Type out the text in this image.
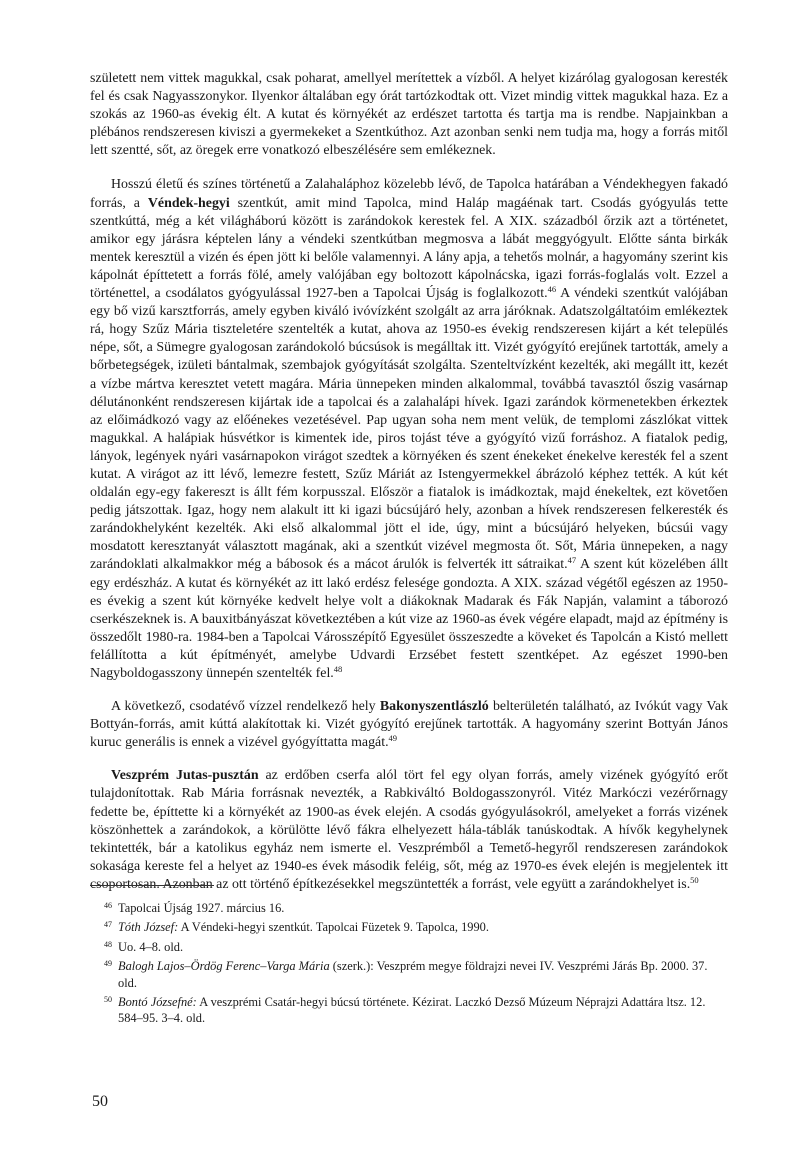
született nem vittek magukkal, csak poharat, amellyel merítettek a vízből. A helyet kizárólag gyalogosan keresték fel és csak Nagyasszonykor. Ilyenkor általában egy órát tartózkodtak ott. Vizet mindig vittek magukkal haza. Ez a szokás az 1960-as évekig élt. A kutat és környékét az erdészet tartotta és tartja ma is rendbe. Napjainkban a plébános rendszeresen kiviszi a gyermekeket a Szentkúthoz. Azt azonban senki nem tudja ma, hogy a forrás mitől lett szentté, sőt, az öregek erre vonatkozó elbeszélésére sem emlékeznek.

Hosszú életű és színes történetű a Zalahaláphoz közelebb lévő, de Tapolca határában a Véndekhegyen fakadó forrás, a Véndek-hegyi szentkút, amit mind Tapolca, mind Haláp magáénak tart. Csodás gyógyulás tette szentkúttá, még a két világháború között is zarándokok kerestek fel. A XIX. századból őrzik azt a történetet, amikor egy járásra képtelen lány a véndeki szentkútban megmosva a lábát meggyógyult. Előtte sánta birkák mentek keresztül a vizén és épen jött ki belőle valamennyi. A lány apja, a tehetős molnár, a hagyomány szerint kis kápolnát építtetett a forrás fölé, amely valójában egy boltozott kápolnácska, igazi forrás-foglalás volt. Ezzel a történettel, a csodálatos gyógyulással 1927-ben a Tapolcai Újság is foglalkozott.$^{46}$ A véndeki szentkút valójában egy bő vizű karsztforrás, amely egyben kiváló ivóvízként szolgált az arra járóknak. Adatszolgáltatóim emlékeztek rá, hogy Szűz Mária tiszteletére szentelték a kutat, ahova az 1950-es évekig rendszeresen kijárt a két település népe, sőt, a Sümegre gyalogosan zarándokoló búcsúsok is megálltak itt. Vizét gyógyító erejűnek tartották, amely a bőrbetegségek, izületi bántalmak, szembajok gyógyítását szolgálta. Szenteltvízként kezelték, aki megállt itt, kezét a vízbe mártva keresztet vetett magára. Mária ünnepeken minden alkalommal, továbbá tavasztól őszig vasárnap délutánonként rendszeresen kijártak ide a tapolcai és a zalahalápi hívek. Igazi zarándok körmenetekben érkeztek az előimádkozó vagy az előénekes vezetésével. Pap ugyan soha nem ment velük, de templomi zászlókat vittek magukkal. A halápiak húsvétkor is kimentek ide, piros tojást téve a gyógyító vizű forráshoz. A fiatalok pedig, lányok, legények nyári vasárnapokon virágot szedtek a környéken és szent énekeket énekelve keresték fel a szent kutat. A virágot az itt lévő, lemezre festett, Szűz Máriát az Istengyermekkel ábrázoló képhez tették. A kút két oldalán egy-egy fakereszt is állt fém korpusszal. Először a fiatalok is imádkoztak, majd énekeltek, ezt követően pedig játszottak. Igaz, hogy nem alakult itt ki igazi búcsújáró hely, azonban a hívek rendszeresen felkeresték és zarándokhelyként kezelték. Aki első alkalommal jött el ide, úgy, mint a búcsújáró helyeken, búcsúi vagy mosdatott keresztanyát választott magának, aki a szentkút vizével megmosta őt. Sőt, Mária ünnepeken, a nagy zarándoklati alkalmakkor még a bábosok és a mácot árulók is felverték itt sátraikat.$^{47}$ A szent kút közelében állt egy erdészház. A kutat és környékét az itt lakó erdész felesége gondozta. A XIX. század végétől egészen az 1950-es évekig a szent kút környéke kedvelt helye volt a diákoknak Madarak és Fák Napján, valamint a táborozó cserkészeknek is. A bauxitbányászat következtében a kút vize az 1960-as évek végére elapadt, majd az építmény is összedőlt 1980-ra. 1984-ben a Tapolcai Városszépítő Egyesület összeszedte a köveket és Tapolcán a Kistó mellett felállította a kút építményét, amelybe Udvardi Erzsébet festett szentképet. Az egészet 1990-ben Nagyboldogasszony ünnepén szentelték fel.$^{48}$

A következő, csodatévő vízzel rendelkező hely Bakonyszentlászló belterületén található, az Ivókút vagy Vak Bottyán-forrás, amit kúttá alakítottak ki. Vizét gyógyító erejűnek tartották. A hagyomány szerint Bottyán János kuruc generális is ennek a vizével gyógyíttatta magát.$^{49}$

Veszprém Jutas-pusztán az erdőben cserfa alól tört fel egy olyan forrás, amely vizének gyógyító erőt tulajdonítottak. Rab Mária forrásnak nevezték, a Rabkiváltó Boldogasszonyról. Vitéz Markóczi vezérőrnagy fedette be, építtette ki a környékét az 1900-as évek elején. A csodás gyógyulásokról, amelyeket a forrás vizének köszönhettek a zarándokok, a körülötte lévő fákra elhelyezett hála-táblák tanúskodtak. A hívők kegyhelynek tekintették, bár a katolikus egyház nem ismerte el. Veszprémből a Temető-hegyről rendszeresen zarándokok sokasága kereste fel a helyet az 1940-es évek második feléig, sőt, még az 1970-es évek elején is megjelentek itt csoportosan. Azonban az ott történő építkezésekkel megszüntették a forrást, vele együtt a zarándokhelyet is.$^{50}$

$^{46}$ Tapolcai Újság 1927. március 16.
$^{47}$ Tóth József: A Véndeki-hegyi szentkút. Tapolcai Füzetek 9. Tapolca, 1990.
$^{48}$ Uo. 4–8. old.
$^{49}$ Balogh Lajos–Ördög Ferenc–Varga Mária (szerk.): Veszprém megye földrajzi nevei IV. Veszprémi Járás Bp. 2000. 37. old.
$^{50}$ Bontó Józsefné: A veszprémi Csatár-hegyi búcsú története. Kézirat. Laczkó Dezső Múzeum Néprajzi Adattára ltsz. 12. 584–95. 3–4. old.
50
